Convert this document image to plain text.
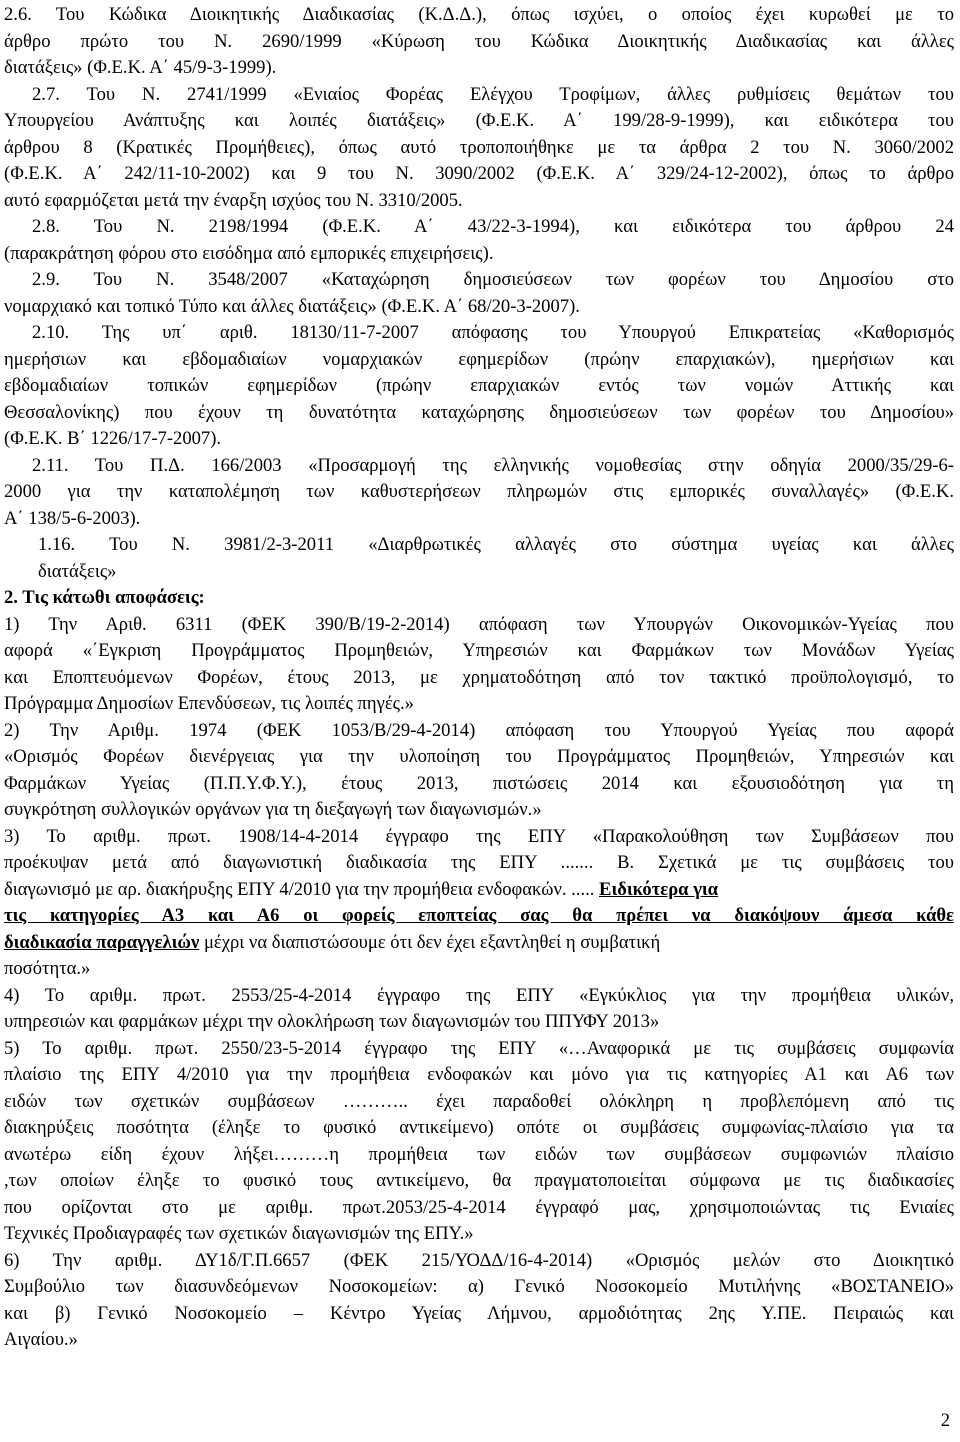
2.6. Του Κώδικα Διοικητικής Διαδικασίας (Κ.Δ.Δ.), όπως ισχύει, ο οποίος έχει κυρωθεί με το
άρθρο πρώτο του Ν. 2690/1999 «Κύρωση του Κώδικα Διοικητικής Διαδικασίας και άλλες
διατάξεις» (Φ.Ε.Κ. Α΄ 45/9-3-1999).
2.7. Του Ν. 2741/1999 «Ενιαίος Φορέας Ελέγχου Τροφίμων, άλλες ρυθμίσεις θεμάτων του
Υπουργείου Ανάπτυξης και λοιπές διατάξεις» (Φ.Ε.Κ. Α΄ 199/28-9-1999), και ειδικότερα του
άρθρου 8 (Κρατικές Προμήθειες), όπως αυτό τροποποιήθηκε με τα άρθρα 2 του Ν. 3060/2002
(Φ.Ε.Κ. Α΄ 242/11-10-2002) και 9 του Ν. 3090/2002 (Φ.Ε.Κ. Α΄ 329/24-12-2002), όπως το άρθρο
αυτό εφαρμόζεται μετά την έναρξη ισχύος του Ν. 3310/2005.
2.8. Του Ν. 2198/1994 (Φ.Ε.Κ. Α΄ 43/22-3-1994), και ειδικότερα του άρθρου 24
(παρακράτηση φόρου στο εισόδημα από εμπορικές επιχειρήσεις).
2.9. Του Ν. 3548/2007 «Καταχώρηση δημοσιεύσεων των φορέων του Δημοσίου στο
νομαρχιακό και τοπικό Τύπο και άλλες διατάξεις» (Φ.Ε.Κ. Α΄ 68/20-3-2007).
2.10. Της υπ΄ αριθ. 18130/11-7-2007 απόφασης του Υπουργού Επικρατείας «Καθορισμός
ημερήσιων και εβδομαδιαίων νομαρχιακών εφημερίδων (πρώην επαρχιακών), ημερήσιων και
εβδομαδιαίων τοπικών εφημερίδων (πρώην επαρχιακών εντός των νομών Αττικής και
Θεσσαλονίκης) που έχουν τη δυνατότητα καταχώρησης δημοσιεύσεων των φορέων του Δημοσίου»
(Φ.Ε.Κ. Β΄ 1226/17-7-2007).
2.11. Του Π.Δ. 166/2003 «Προσαρμογή της ελληνικής νομοθεσίας στην οδηγία 2000/35/29-6-
2000 για την καταπολέμηση των καθυστερήσεων πληρωμών στις εμπορικές συναλλαγές» (Φ.Ε.Κ.
Α΄ 138/5-6-2003).
1.16. Του Ν. 3981/2-3-2011 «Διαρθρωτικές αλλαγές στο σύστημα υγείας και άλλες
διατάξεις»
2. Τις κάτωθι αποφάσεις:
1) Την Αριθ. 6311 (ΦΕΚ 390/Β/19-2-2014) απόφαση των Υπουργών Οικονομικών-Υγείας που
αφορά «΄Εγκριση Προγράμματος Προμηθειών, Υπηρεσιών και Φαρμάκων των Μονάδων Υγείας
και Εποπτευόμενων Φορέων, έτους 2013, με χρηματοδότηση από τον τακτικό προϋπολογισμό, το
Πρόγραμμα Δημοσίων Επενδύσεων, τις λοιπές πηγές.»
2) Την Αριθμ. 1974 (ΦΕΚ 1053/Β/29-4-2014) απόφαση του Υπουργού Υγείας που αφορά
«Ορισμός Φορέων διενέργειας για την υλοποίηση του Προγράμματος Προμηθειών, Υπηρεσιών και
Φαρμάκων Υγείας (Π.Π.Υ.Φ.Υ.), έτους 2013, πιστώσεις 2014 και εξουσιοδότηση για τη
συγκρότηση συλλογικών οργάνων για τη διεξαγωγή των διαγωνισμών.»
3) Το αριθμ. πρωτ. 1908/14-4-2014 έγγραφο της ΕΠΥ «Παρακολούθηση των Συμβάσεων που
προέκυψαν μετά από διαγωνιστική διαδικασία της ΕΠΥ ....... Β. Σχετικά με τις συμβάσεις του
διαγωνισμό με αρ. διακήρυξης ΕΠΥ 4/2010 για την προμήθεια ενδοφακών. ..... Ειδικότερα για
τις κατηγορίες Α3 και Α6 οι φορείς εποπτείας σας θα πρέπει να διακόψουν άμεσα κάθε
διαδικασία παραγγελιών μέχρι να διαπιστώσουμε ότι δεν έχει εξαντληθεί η συμβατική
ποσότητα.»
4) Το αριθμ. πρωτ. 2553/25-4-2014 έγγραφο της ΕΠΥ «Εγκύκλιος για την προμήθεια υλικών,
υπηρεσιών και φαρμάκων μέχρι την ολοκλήρωση των διαγωνισμών του ΠΠΥΦΥ 2013»
5) Το αριθμ. πρωτ. 2550/23-5-2014 έγγραφο της ΕΠΥ «…Αναφορικά με τις συμβάσεις συμφωνία
πλαίσιο της ΕΠΥ 4/2010 για την προμήθεια ενδοφακών και μόνο για τις κατηγορίες Α1 και Α6 των
ειδών των σχετικών συμβάσεων ……….. έχει παραδοθεί ολόκληρη η προβλεπόμενη από τις
διακηρύξεις ποσότητα (έληξε το φυσικό αντικείμενο) οπότε οι συμβάσεις συμφωνίας-πλαίσιο για τα
ανωτέρω είδη έχουν λήξει………η προμήθεια των ειδών των συμβάσεων συμφωνιών πλαίσιο
,των οποίων έληξε το φυσικό τους αντικείμενο, θα πραγματοποιείται σύμφωνα με τις διαδικασίες
που ορίζονται στο με αριθμ. πρωτ.2053/25-4-2014 έγγραφό μας, χρησιμοποιώντας τις Ενιαίες
Τεχνικές Προδιαγραφές των σχετικών διαγωνισμών της ΕΠΥ.»
6) Την αριθμ. ΔΥ1δ/Γ.Π.6657 (ΦΕΚ 215/ΥΟΔΔ/16-4-2014) «Ορισμός μελών στο Διοικητικό
Συμβούλιο των διασυνδεόμενων Νοσοκομείων: α) Γενικό Νοσοκομείο Μυτιλήνης «ΒΟΣΤΑΝΕΙΟ»
και β) Γενικό Νοσοκομείο – Κέντρο Υγείας Λήμνου, αρμοδιότητας 2ης Υ.ΠΕ. Πειραιώς και
Αιγαίου.»
2
